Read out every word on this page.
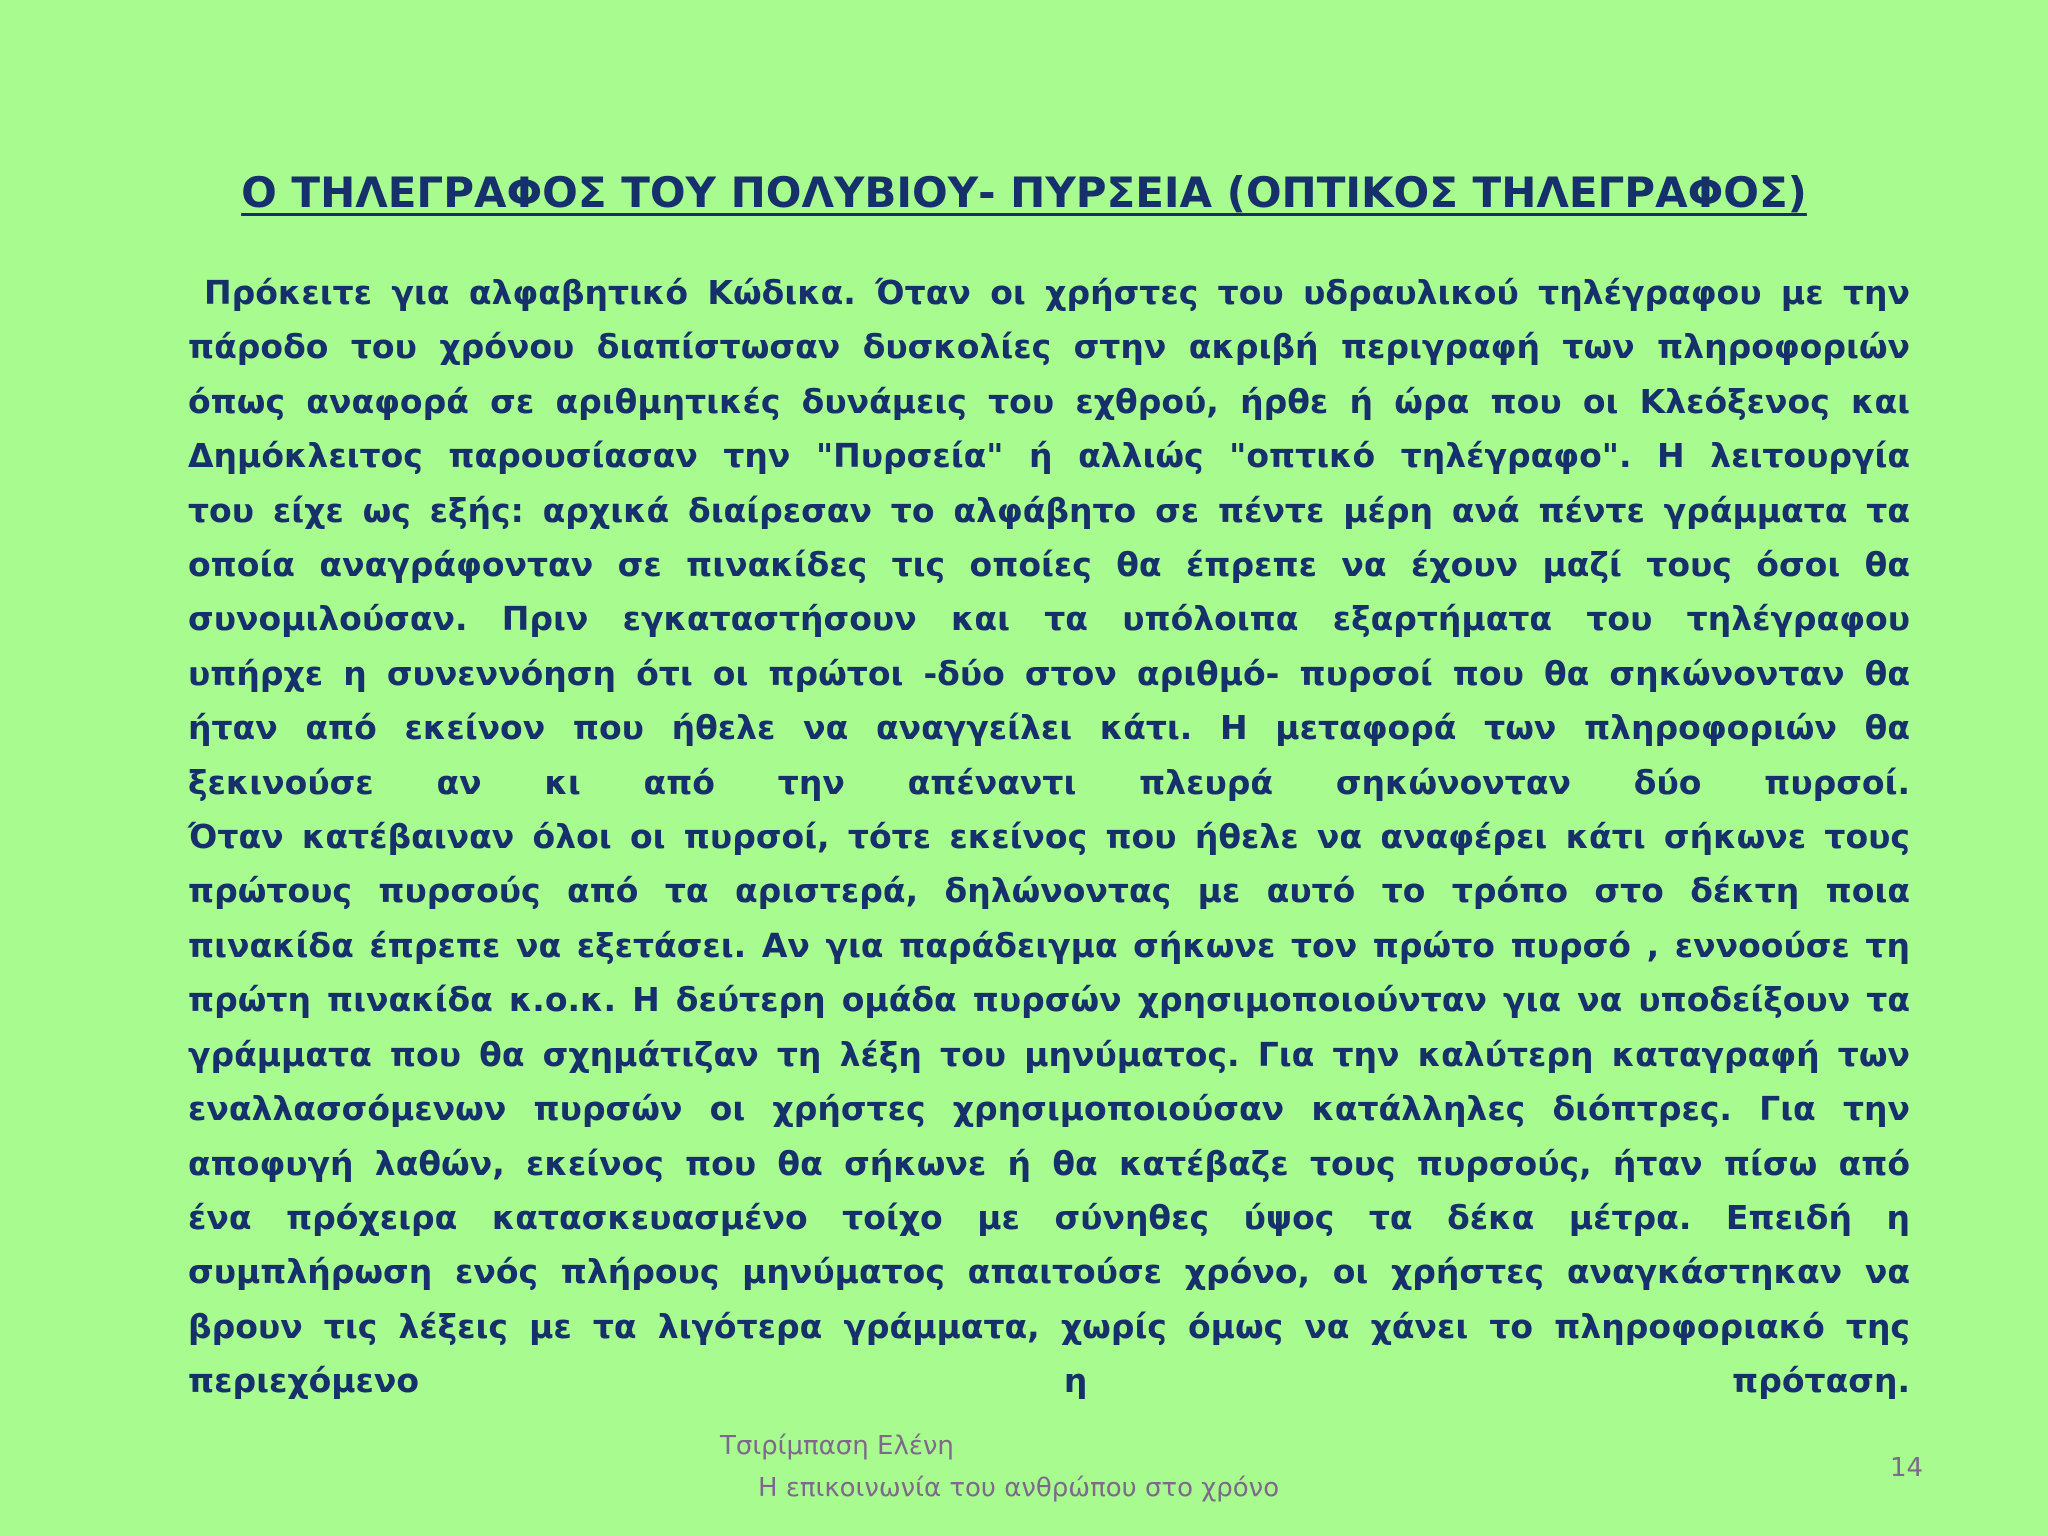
Ο ΤΗΛΕΓΡΑΦΟΣ ΤΟΥ ΠΟΛΥΒΙΟΥ- ΠΥΡΣΕΙΑ (ΟΠΤΙΚΟΣ ΤΗΛΕΓΡΑΦΟΣ)
Πρόκειτε για αλφαβητικό Κώδικα. Όταν οι χρήστες του υδραυλικού τηλέγραφου με την
πάροδο του χρόνου διαπίστωσαν δυσκολίες στην ακριβή περιγραφή των πληροφοριών
όπως αναφορά σε αριθμητικές δυνάμεις του εχθρού, ήρθε ή ώρα που οι Κλεόξενος και
Δημόκλειτος παρουσίασαν την "Πυρσεία" ή αλλιώς "οπτικό τηλέγραφο". Η λειτουργία
του είχε ως εξής: αρχικά διαίρεσαν το αλφάβητο σε πέντε μέρη ανά πέντε γράμματα τα
οποία αναγράφονταν σε πινακίδες τις οποίες θα έπρεπε να έχουν μαζί τους όσοι θα
συνομιλούσαν. Πριν εγκαταστήσουν και τα υπόλοιπα εξαρτήματα του τηλέγραφου
υπήρχε η συνεννόηση ότι οι πρώτοι -δύο στον αριθμό- πυρσοί που θα σηκώνονταν θα
ήταν από εκείνον που ήθελε να αναγγείλει κάτι. Η μεταφορά των πληροφοριών θα
ξεκινούσε αν κι από την απέναντι πλευρά σηκώνονταν δύο πυρσοί.
Όταν κατέβαιναν όλοι οι πυρσοί, τότε εκείνος που ήθελε να αναφέρει κάτι σήκωνε τους
πρώτους πυρσούς από τα αριστερά, δηλώνοντας με αυτό το τρόπο στο δέκτη ποια
πινακίδα έπρεπε να εξετάσει. Αν για παράδειγμα σήκωνε τον πρώτο πυρσό , εννοούσε τη
πρώτη πινακίδα κ.ο.κ. Η δεύτερη ομάδα πυρσών χρησιμοποιούνταν για να υποδείξουν τα
γράμματα που θα σχημάτιζαν τη λέξη του μηνύματος. Για την καλύτερη καταγραφή των
εναλλασσόμενων πυρσών οι χρήστες χρησιμοποιούσαν κατάλληλες διόπτρες. Για την
αποφυγή λαθών, εκείνος που θα σήκωνε ή θα κατέβαζε τους πυρσούς, ήταν πίσω από
ένα πρόχειρα κατασκευασμένο τοίχο με σύνηθες ύψος τα δέκα μέτρα. Επειδή η
συμπλήρωση ενός πλήρους μηνύματος απαιτούσε χρόνο, οι χρήστες αναγκάστηκαν να
βρουν τις λέξεις με τα λιγότερα γράμματα, χωρίς όμως να χάνει το πληροφοριακό της
περιεχόμενο η πρόταση.
Τσιρίμπαση Ελένη
Η επικοινωνία του ανθρώπου στο χρόνο
14
